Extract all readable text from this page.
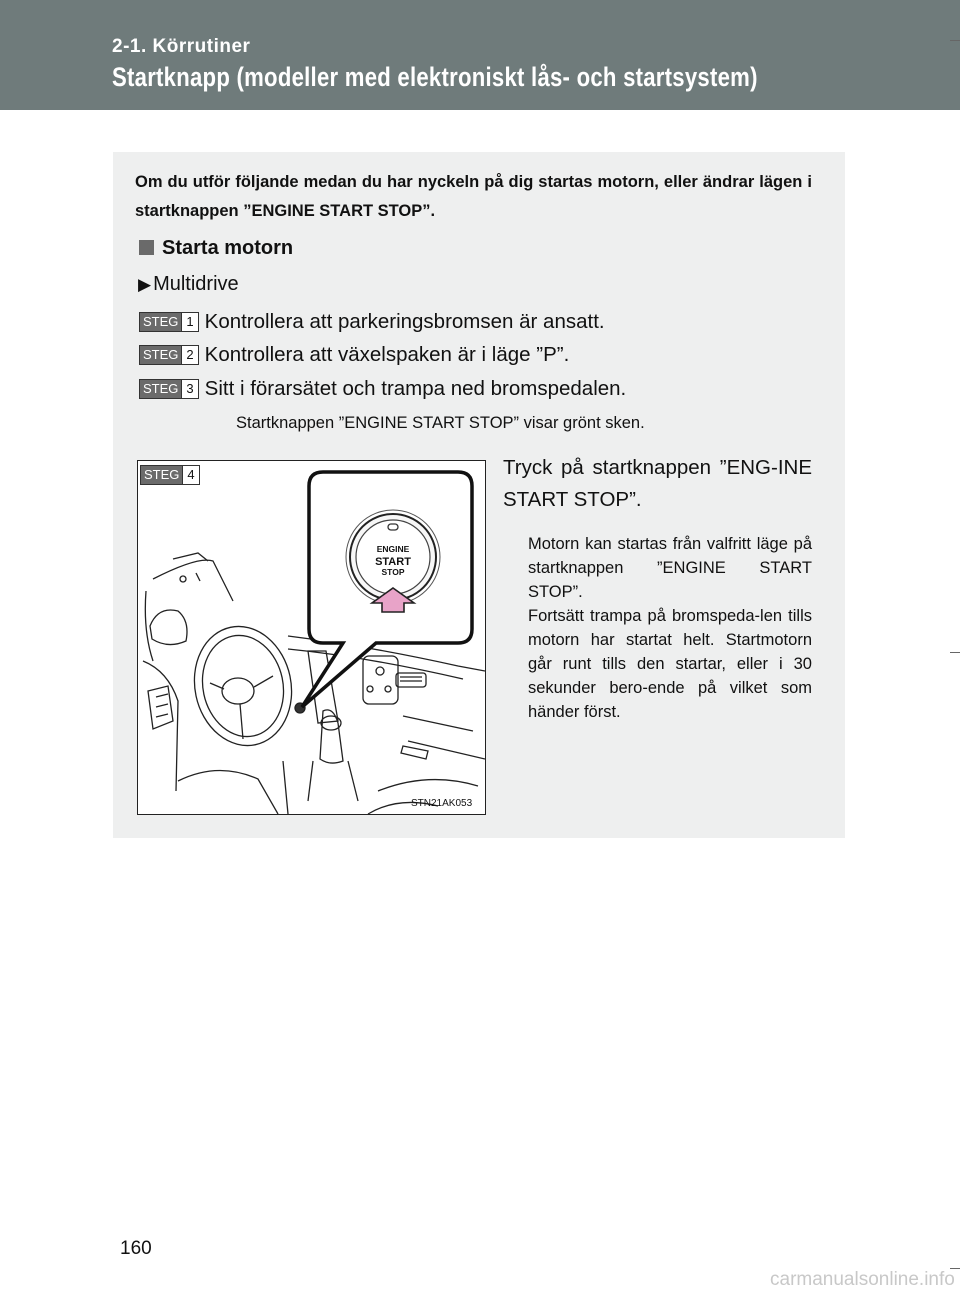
2-1. Körrutiner
Startknapp (modeller med elektroniskt lås- och startsystem)
Om du utför följande medan du har nyckeln på dig startas motorn, eller ändrar lägen i startknappen ”ENGINE START STOP”.
Starta motorn
▶ Multidrive
STEG 1 Kontrollera att parkeringsbromsen är ansatt.
STEG 2 Kontrollera att växelspaken är i läge ”P”.
STEG 3 Sitt i förarsätet och trampa ned bromspedalen.
Startknappen ”ENGINE START STOP” visar grönt sken.
ENGINE
START
STOP
STEG 4
STN21AK053
Tryck på startknappen ”ENG-INE START STOP”.

Motorn kan startas från valfritt läge på startknappen ”ENGINE START STOP”.

Fortsätt trampa på bromspeda-len tills motorn har startat helt. Startmotorn går runt tills den startar, eller i 30 sekunder bero-ende på vilket som händer först.

160
carmanualsonline.info
